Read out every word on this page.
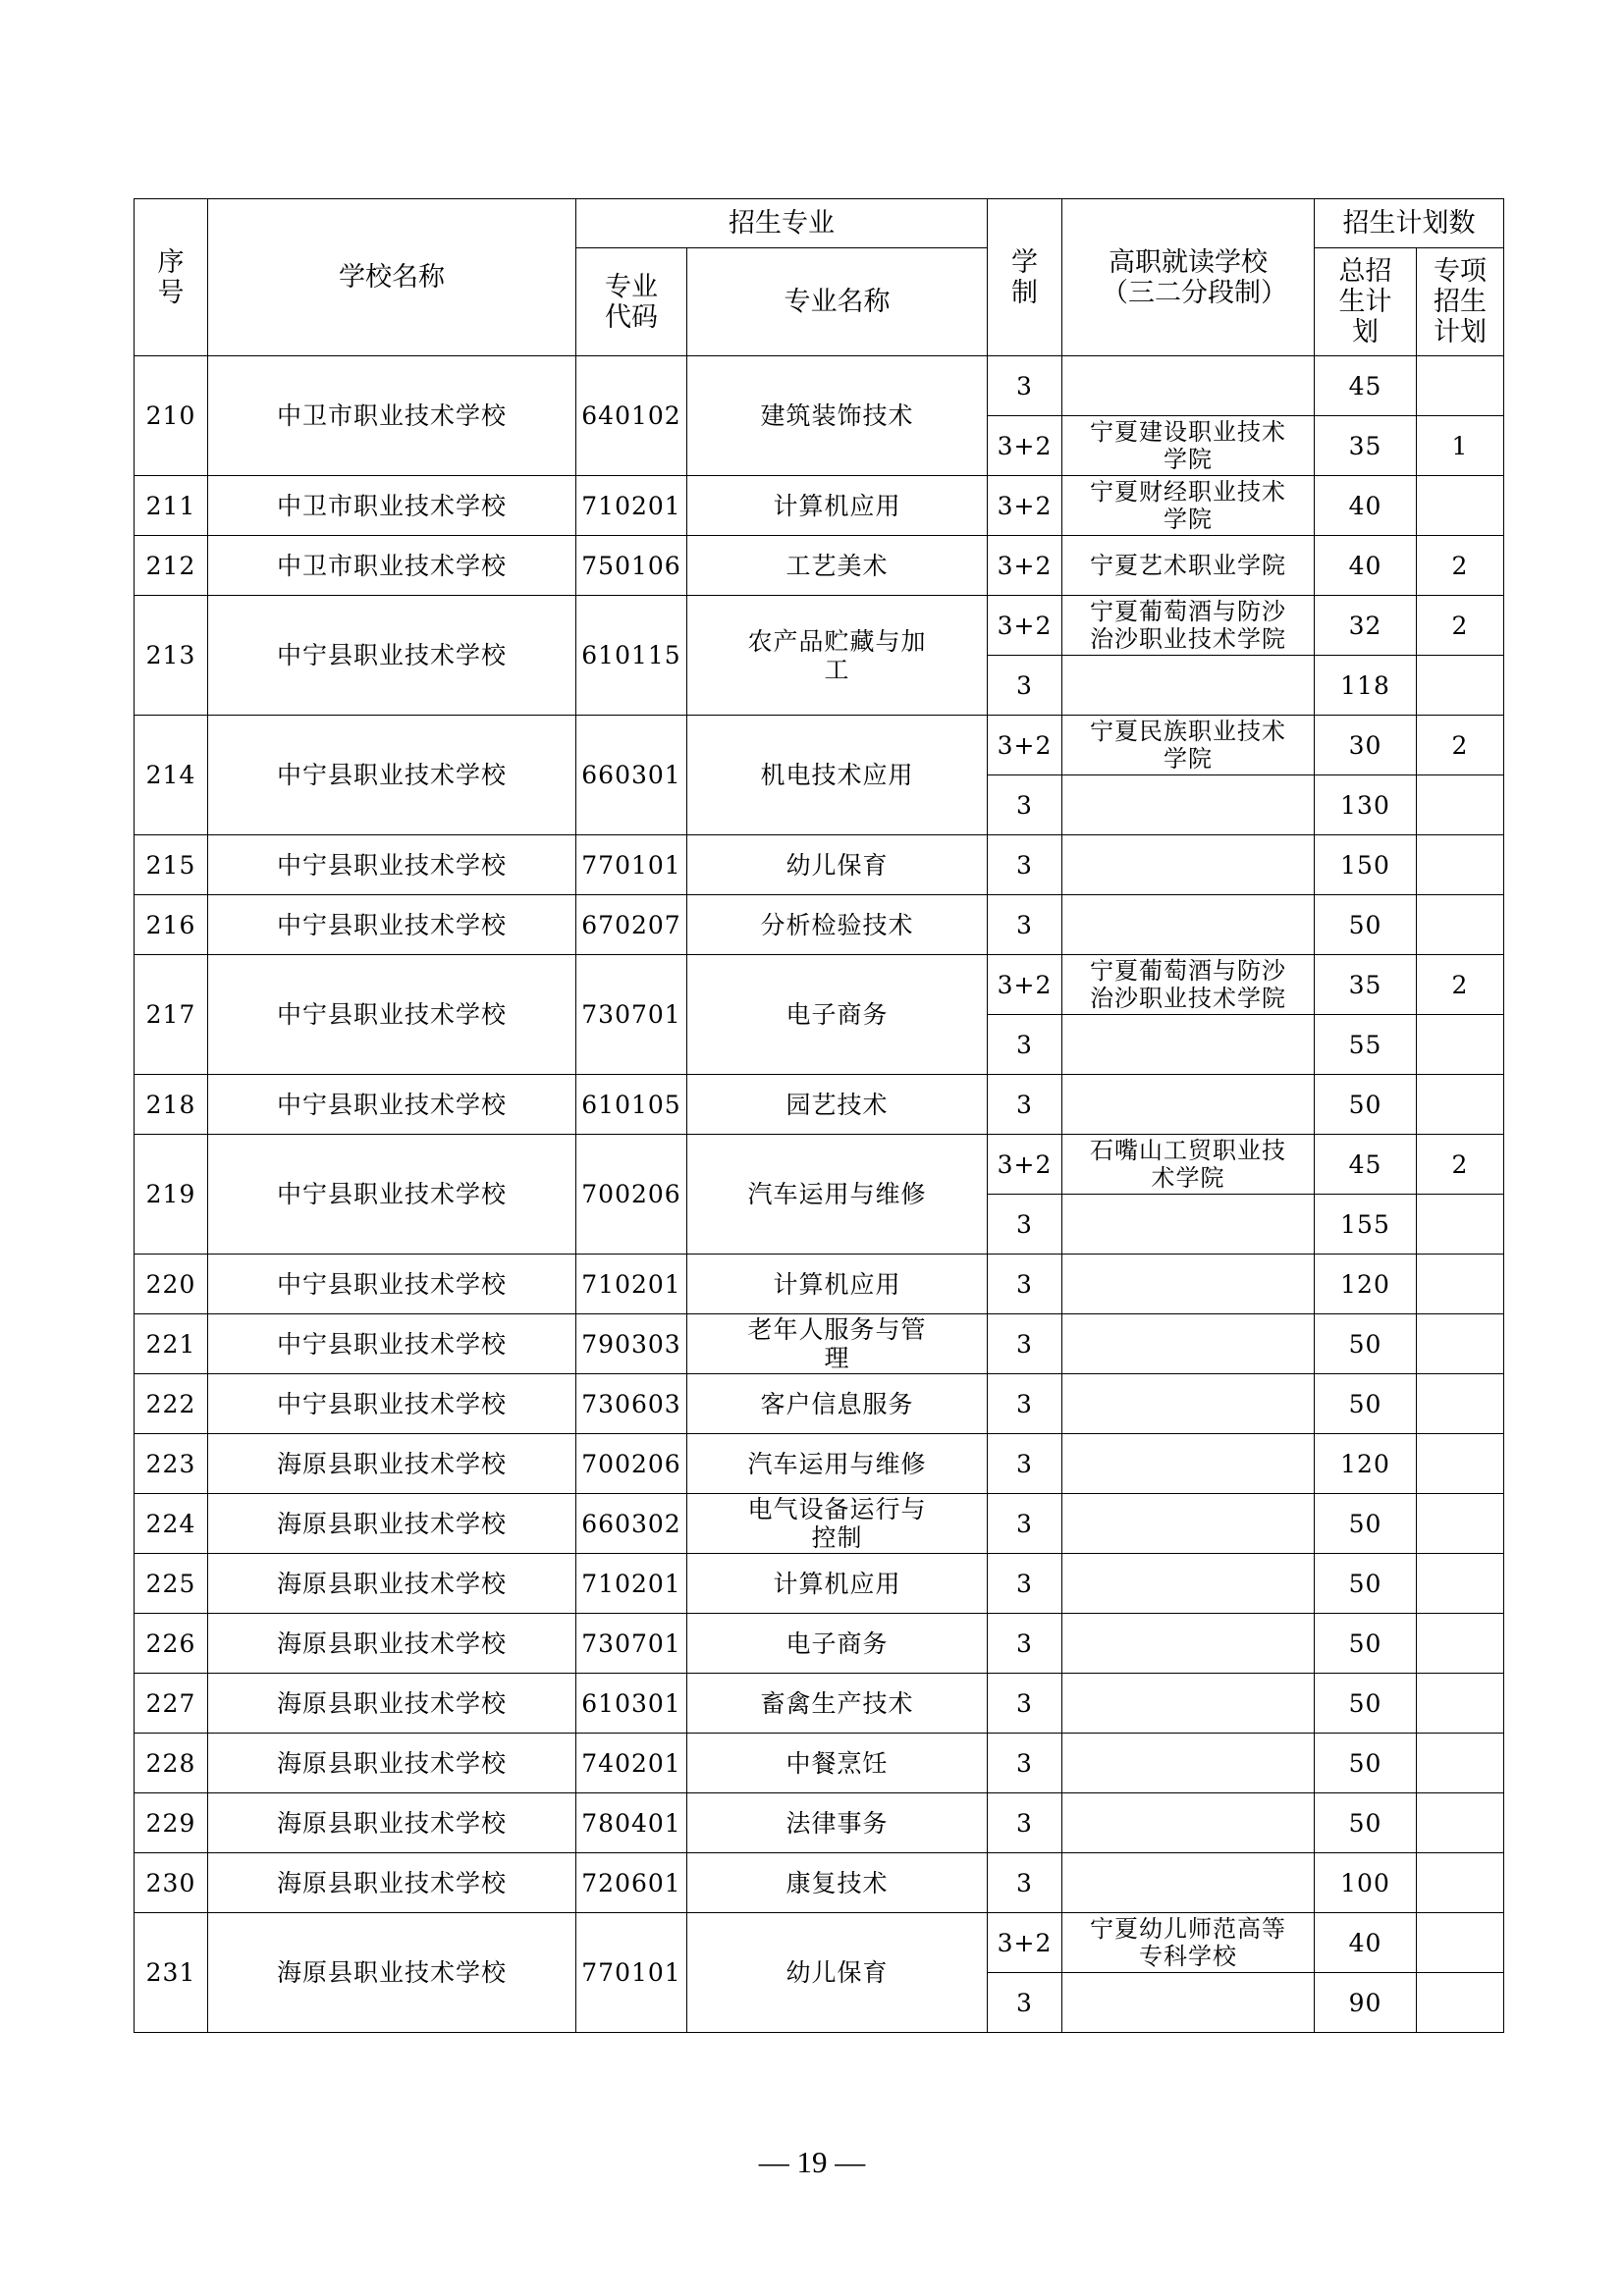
序号	学校名称	招生专业		学制	高职就读学校（三二分段制）	招生计划数	
		专业代码	专业名称			总招生计划	专项招生计划
210	中卫市职业技术学校	640102	建筑装饰技术	3		45	
				3+2	宁夏建设职业技术学院	35	1
211	中卫市职业技术学校	710201	计算机应用	3+2	宁夏财经职业技术学院	40	
212	中卫市职业技术学校	750106	工艺美术	3+2	宁夏艺术职业学院	40	2
213	中宁县职业技术学校	610115	农产品贮藏与加工	3+2	宁夏葡萄酒与防沙治沙职业技术学院	32	2
				3		118	
214	中宁县职业技术学校	660301	机电技术应用	3+2	宁夏民族职业技术学院	30	2
				3		130	
215	中宁县职业技术学校	770101	幼儿保育	3		150	
216	中宁县职业技术学校	670207	分析检验技术	3		50	
217	中宁县职业技术学校	730701	电子商务	3+2	宁夏葡萄酒与防沙治沙职业技术学院	35	2
				3		55	
218	中宁县职业技术学校	610105	园艺技术	3		50	
219	中宁县职业技术学校	700206	汽车运用与维修	3+2	石嘴山工贸职业技术学院	45	2
				3		155	
220	中宁县职业技术学校	710201	计算机应用	3		120	
221	中宁县职业技术学校	790303	老年人服务与管理	3		50	
222	中宁县职业技术学校	730603	客户信息服务	3		50	
223	海原县职业技术学校	700206	汽车运用与维修	3		120	
224	海原县职业技术学校	660302	电气设备运行与控制	3		50	
225	海原县职业技术学校	710201	计算机应用	3		50	
226	海原县职业技术学校	730701	电子商务	3		50	
227	海原县职业技术学校	610301	畜禽生产技术	3		50	
228	海原县职业技术学校	740201	中餐烹饪	3		50	
229	海原县职业技术学校	780401	法律事务	3		50	
230	海原县职业技术学校	720601	康复技术	3		100	
231	海原县职业技术学校	770101	幼儿保育	3+2	宁夏幼儿师范高等专科学校	40	
				3		90	
— 19 —
